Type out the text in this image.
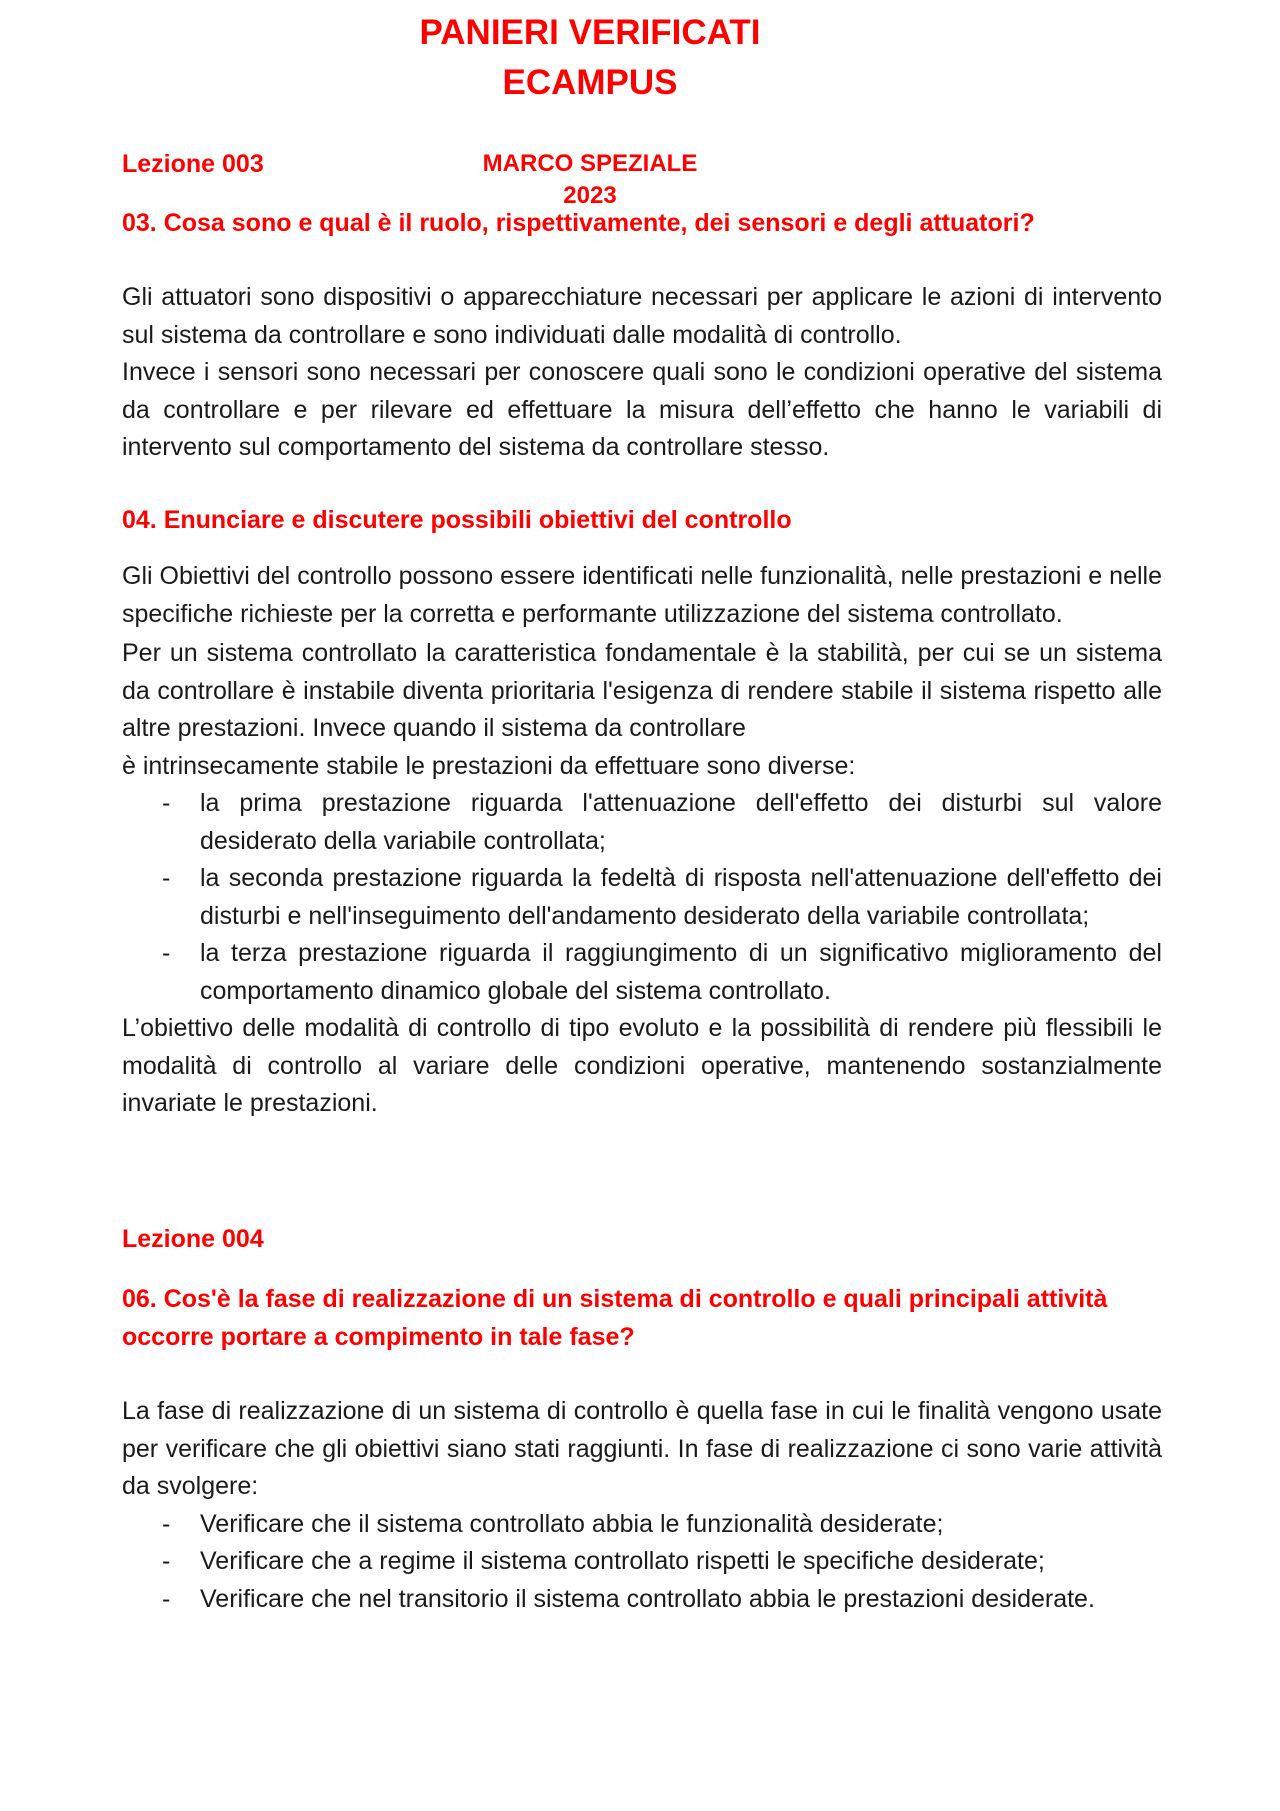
PANIERI VERIFICATI
ECAMPUS
MARCO SPEZIALE
2023
Lezione 003
03. Cosa sono e qual è il ruolo, rispettivamente, dei sensori e degli attuatori?

Gli attuatori sono dispositivi o apparecchiature necessari per applicare le azioni di intervento sul sistema da controllare e sono individuati dalle modalità di controllo.

Invece i sensori sono necessari per conoscere quali sono le condizioni operative del sistema da controllare e per rilevare ed effettuare la misura dell’effetto che hanno le variabili di intervento sul comportamento del sistema da controllare stesso.

04. Enunciare e discutere possibili obiettivi del controllo

Gli Obiettivi del controllo possono essere identificati nelle funzionalità, nelle prestazioni e nelle specifiche richieste per la corretta e performante utilizzazione del sistema controllato.

Per un sistema controllato la caratteristica fondamentale è la stabilità, per cui se un sistema da controllare è instabile diventa prioritaria l'esigenza di rendere stabile il sistema rispetto alle altre prestazioni. Invece quando il sistema da controllare

è intrinsecamente stabile le prestazioni da effettuare sono diverse:

- la prima prestazione riguarda l'attenuazione dell'effetto dei disturbi sul valore desiderato della variabile controllata;
- la seconda prestazione riguarda la fedeltà di risposta nell'attenuazione dell'effetto dei disturbi e nell'inseguimento dell'andamento desiderato della variabile controllata;
- la terza prestazione riguarda il raggiungimento di un significativo miglioramento del comportamento dinamico globale del sistema controllato.

L’obiettivo delle modalità di controllo di tipo evoluto e la possibilità di rendere più flessibili le modalità di controllo al variare delle condizioni operative, mantenendo sostanzialmente invariate le prestazioni.

Lezione 004
06. Cos'è la fase di realizzazione di un sistema di controllo e quali principali attività occorre portare a compimento in tale fase?

La fase di realizzazione di un sistema di controllo è quella fase in cui le finalità vengono usate per verificare che gli obiettivi siano stati raggiunti. In fase di realizzazione ci sono varie attività da svolgere:

- Verificare che il sistema controllato abbia le funzionalità desiderate;
- Verificare che a regime il sistema controllato rispetti le specifiche desiderate;
- Verificare che nel transitorio il sistema controllato abbia le prestazioni desiderate.
